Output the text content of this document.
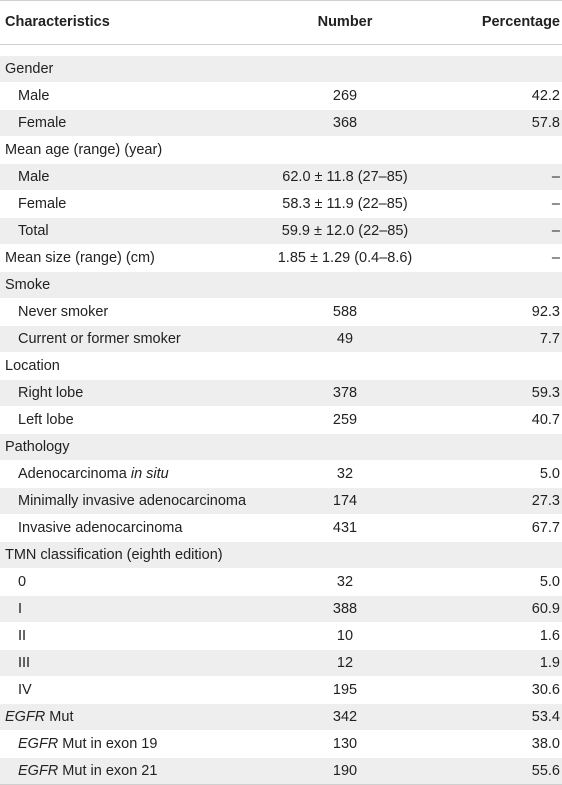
Characteristics	Number	Percentage

Gender		
Male	269	42.2
Female	368	57.8
Mean age (range) (year)		
Male	62.0 ± 11.8 (27–85)	–
Female	58.3 ± 11.9 (22–85)	–
Total	59.9 ± 12.0 (22–85)	–
Mean size (range) (cm)	1.85 ± 1.29 (0.4–8.6)	–
Smoke		
Never smoker	588	92.3
Current or former smoker	49	7.7
Location		
Right lobe	378	59.3
Left lobe	259	40.7
Pathology		
Adenocarcinoma in situ	32	5.0
Minimally invasive adenocarcinoma	174	27.3
Invasive adenocarcinoma	431	67.7
TMN classification (eighth edition)		
0	32	5.0
I	388	60.9
II	10	1.6
III	12	1.9
IV	195	30.6
EGFR Mut	342	53.4
EGFR Mut in exon 19	130	38.0
EGFR Mut in exon 21	190	55.6
